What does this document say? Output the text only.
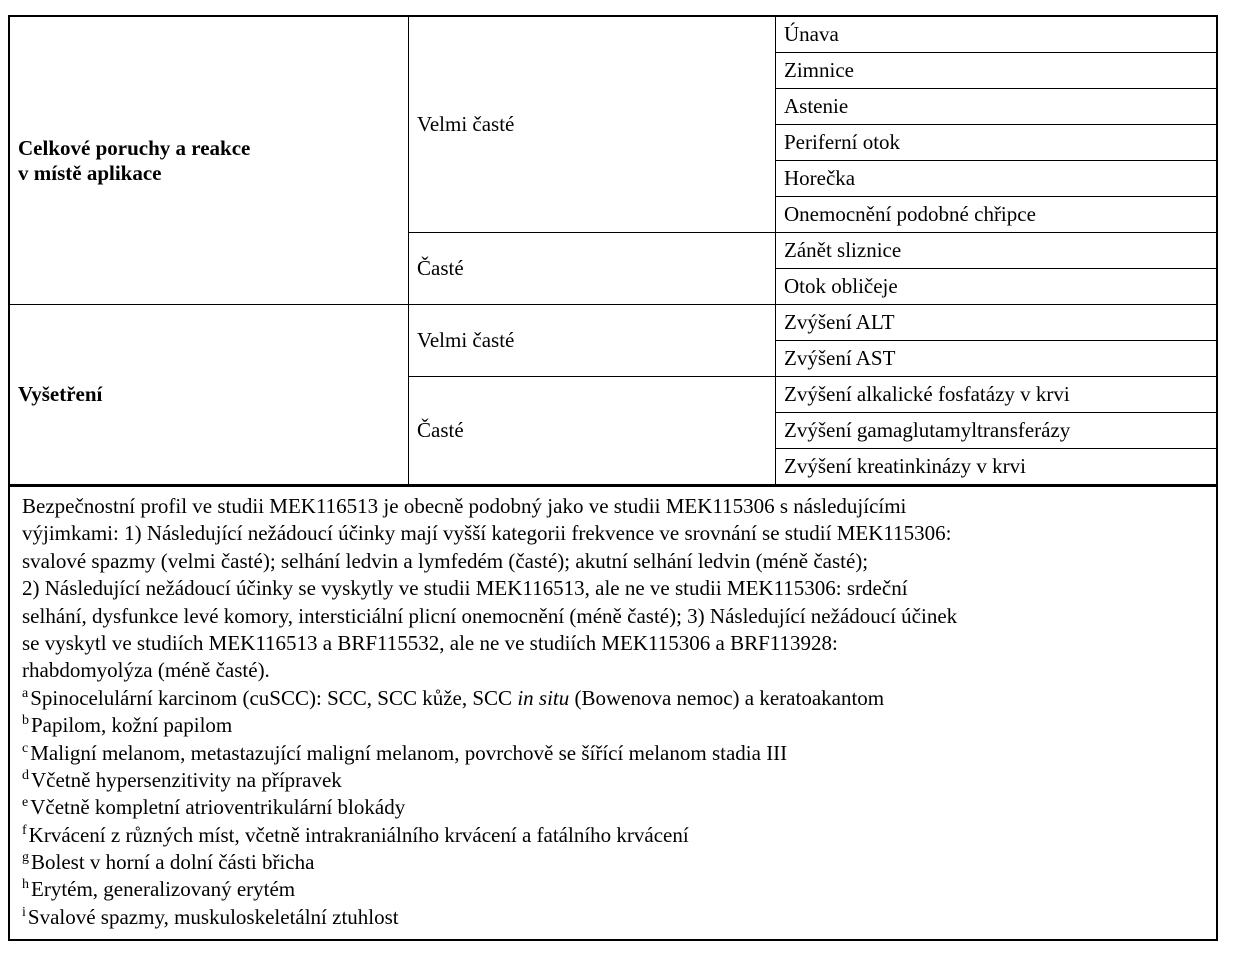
Celkové poruchy a reakce
v místě aplikace	Velmi časté	Únava
		Zimnice
		Astenie
		Periferní otok
		Horečka
		Onemocnění podobné chřipce
	Časté	Zánět sliznice
		Otok obličeje
Vyšetření	Velmi časté	Zvýšení ALT
		Zvýšení AST
	Časté	Zvýšení alkalické fosfatázy v krvi
		Zvýšení gamaglutamyltransferázy
		Zvýšení kreatinkinázy v krvi
Bezpečnostní profil ve studii MEK116513 je obecně podobný jako ve studii MEK115306 s následujícími
výjimkami: 1) Následující nežádoucí účinky mají vyšší kategorii frekvence ve srovnání se studií MEK115306:
svalové spazmy (velmi časté); selhání ledvin a lymfedém (časté); akutní selhání ledvin (méně časté);
2) Následující nežádoucí účinky se vyskytly ve studii MEK116513, ale ne ve studii MEK115306: srdeční
selhání, dysfunkce levé komory, intersticiální plicní onemocnění (méně časté); 3) Následující nežádoucí účinek
se vyskytl ve studiích MEK116513 a BRF115532, ale ne ve studiích MEK115306 a BRF113928:
rhabdomyolýza (méně časté).
$^a$Spinocelulární karcinom (cuSCC): SCC, SCC kůže, SCC in situ (Bowenova nemoc) a keratoakantom
$^b$Papilom, kožní papilom
$^c$Maligní melanom, metastazující maligní melanom, povrchově se šířící melanom stadia III
$^d$Včetně hypersenzitivity na přípravek
$^e$Včetně kompletní atrioventrikulární blokády
$^f$Krvácení z různých míst, včetně intrakraniálního krvácení a fatálního krvácení
$^g$Bolest v horní a dolní části břicha
$^h$Erytém, generalizovaný erytém
$^i$Svalové spazmy, muskuloskeletální ztuhlost
